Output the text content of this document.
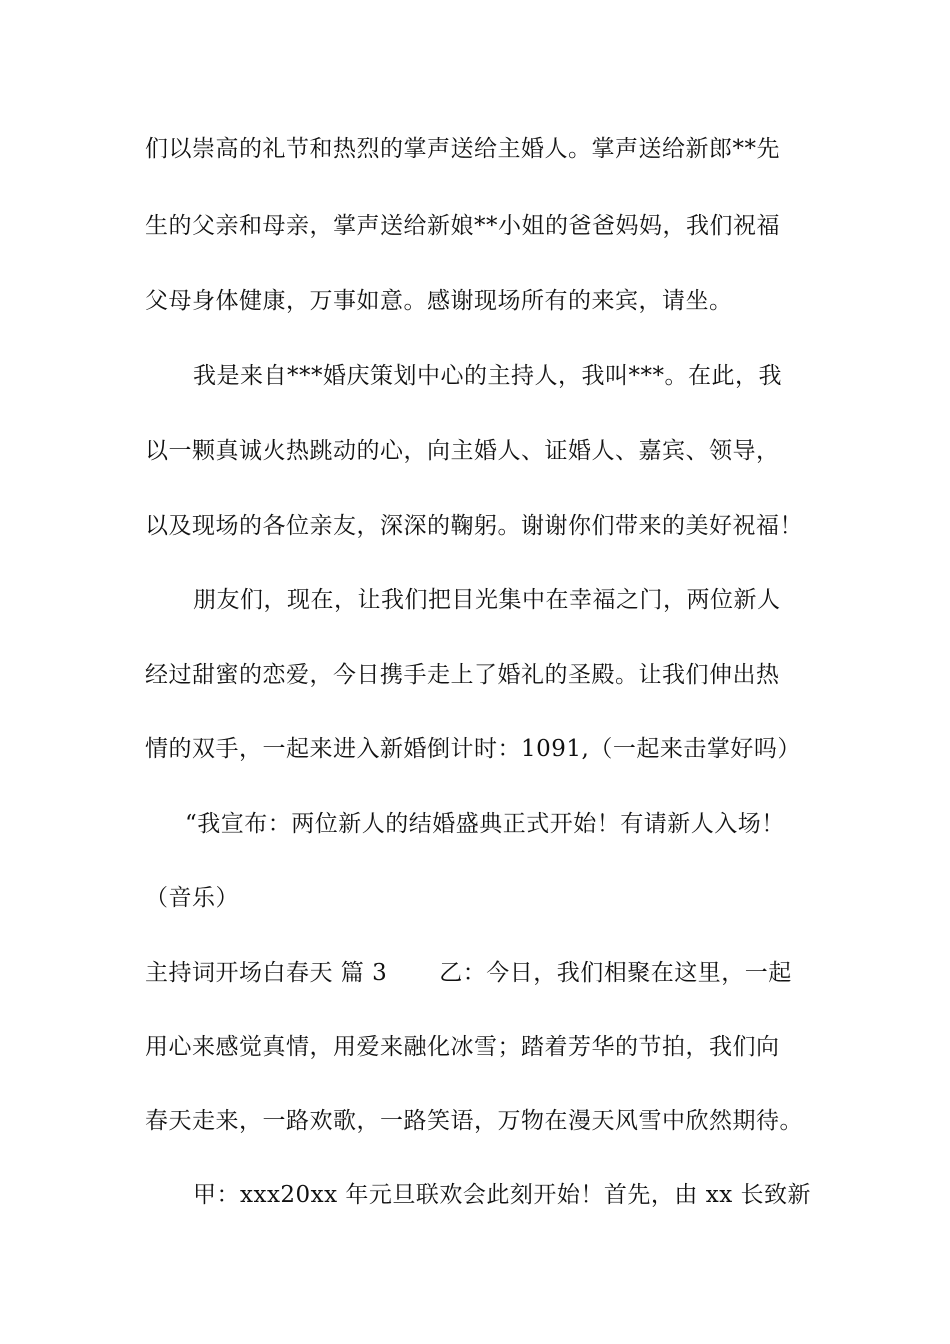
们以崇高的礼节和热烈的掌声送给主婚人。掌声送给新郎**先
生的父亲和母亲，掌声送给新娘**小姐的爸爸妈妈，我们祝福
父母身体健康，万事如意。感谢现场所有的来宾，请坐。
我是来自***婚庆策划中心的主持人，我叫***。在此，我
以一颗真诚火热跳动的心，向主婚人、证婚人、嘉宾、领导，
以及现场的各位亲友，深深的鞠躬。谢谢你们带来的美好祝福！
朋友们，现在，让我们把目光集中在幸福之门，两位新人
经过甜蜜的恋爱，今日携手走上了婚礼的圣殿。让我们伸出热
情的双手，一起来进入新婚倒计时：1091,（一起来击掌好吗）
“我宣布：两位新人的结婚盛典正式开始！有请新人入场！
（音乐）
主持词开场白春天 篇 3 乙：今日，我们相聚在这里，一起
用心来感觉真情，用爱来融化冰雪；踏着芳华的节拍，我们向
春天走来，一路欢歌，一路笑语，万物在漫天风雪中欣然期待。
甲：xxx20xx 年元旦联欢会此刻开始！首先，由 xx 长致新
